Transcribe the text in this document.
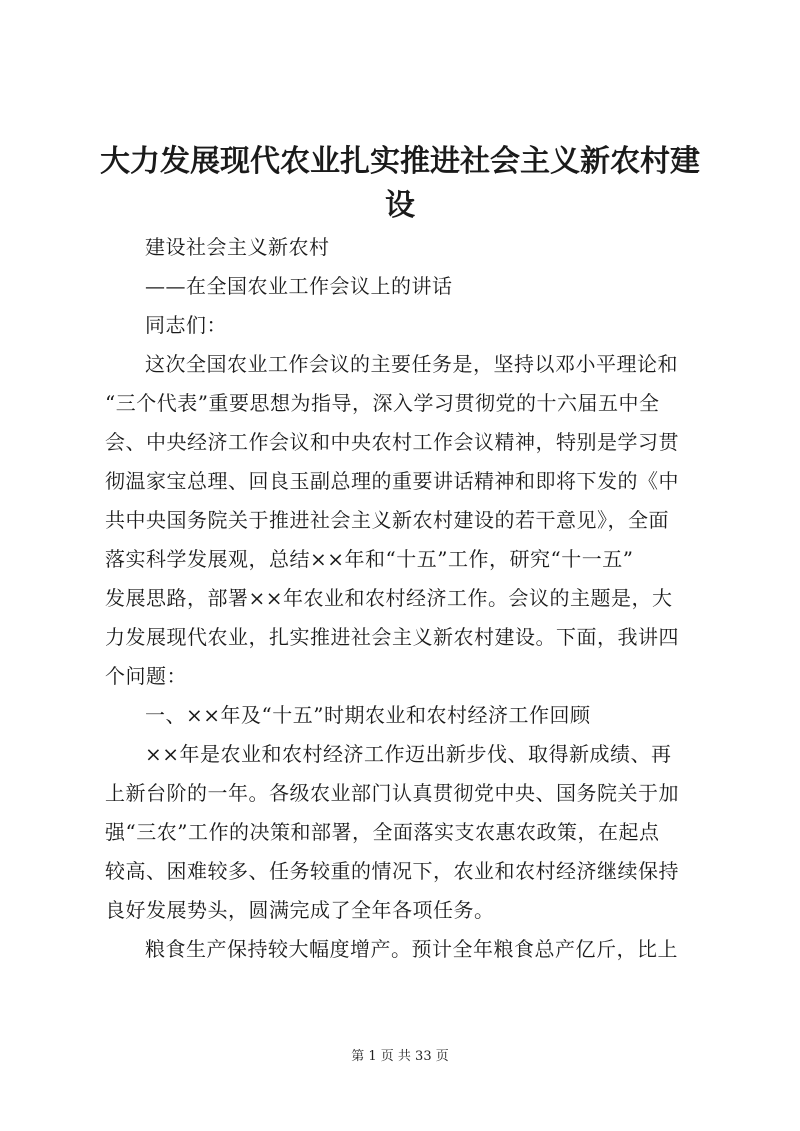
大力发展现代农业扎实推进社会主义新农村建
设
建设社会主义新农村
——在全国农业工作会议上的讲话
同志们：
这次全国农业工作会议的主要任务是，坚持以邓小平理论和
“三个代表”重要思想为指导，深入学习贯彻党的十六届五中全
会、中央经济工作会议和中央农村工作会议精神，特别是学习贯
彻温家宝总理、回良玉副总理的重要讲话精神和即将下发的《中
共中央国务院关于推进社会主义新农村建设的若干意见》，全面
落实科学发展观，总结××年和“十五”工作，研究“十一五”
发展思路，部署××年农业和农村经济工作。会议的主题是，大
力发展现代农业，扎实推进社会主义新农村建设。下面，我讲四
个问题：
一、××年及“十五”时期农业和农村经济工作回顾
××年是农业和农村经济工作迈出新步伐、取得新成绩、再
上新台阶的一年。各级农业部门认真贯彻党中央、国务院关于加
强“三农”工作的决策和部署，全面落实支农惠农政策，在起点
较高、困难较多、任务较重的情况下，农业和农村经济继续保持
良好发展势头，圆满完成了全年各项任务。
粮食生产保持较大幅度增产。预计全年粮食总产亿斤，比上
第 1 页 共 33 页
